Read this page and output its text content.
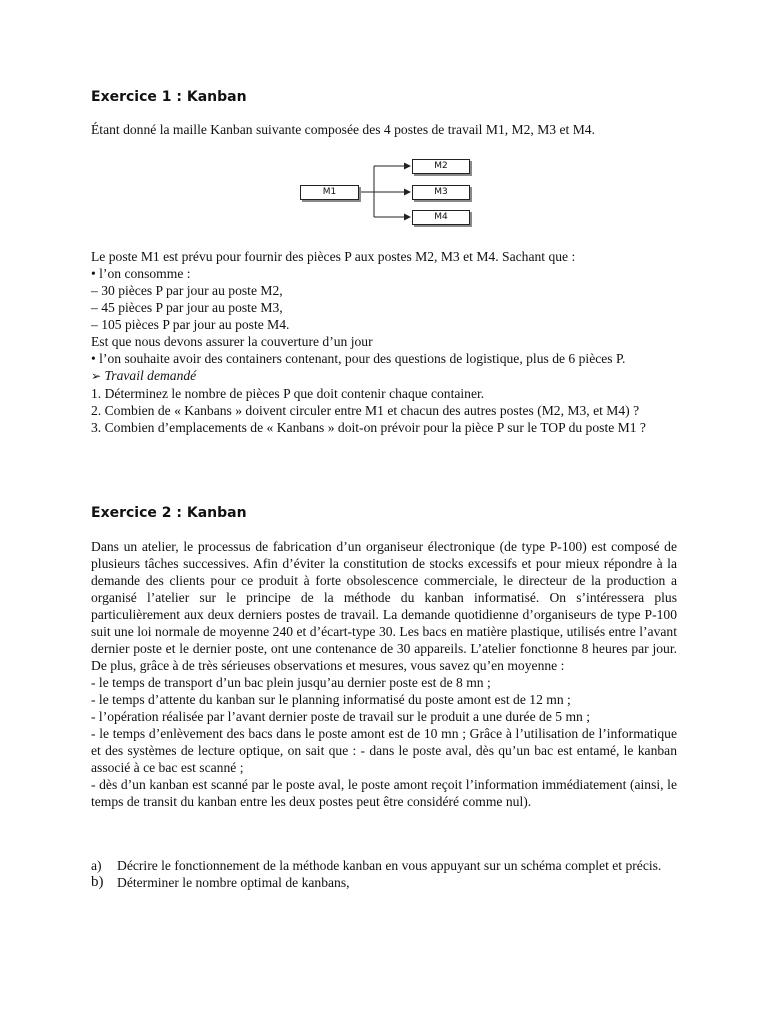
Exercice 1 : Kanban
Étant donné la maille Kanban suivante composée des 4 postes de travail M1, M2, M3 et M4.
M1
M2
M3
M4

Le poste M1 est prévu pour fournir des pièces P aux postes M2, M3 et M4. Sachant que :

• l’on consomme :

– 30 pièces P par jour au poste M2,

– 45 pièces P par jour au poste M3,

– 105 pièces P par jour au poste M4.

Est que nous devons assurer la couverture d’un jour

• l’on souhaite avoir des containers contenant, pour des questions de logistique, plus de 6 pièces P.

➢ Travail demandé

1. Déterminez le nombre de pièces P que doit contenir chaque container.

2. Combien de « Kanbans » doivent circuler entre M1 et chacun des autres postes (M2, M3, et M4) ?

3. Combien d’emplacements de « Kanbans » doit-on prévoir pour la pièce P sur le TOP du poste M1 ?

Exercice 2 : Kanban

Dans un atelier, le processus de fabrication d’un organiseur électronique (de type P-100) est composé de plusieurs tâches successives. Afin d’éviter la constitution de stocks excessifs et pour mieux répondre à la demande des clients pour ce produit à forte obsolescence commerciale, le directeur de la production a organisé l’atelier sur le principe de la méthode du kanban informatisé. On s’intéressera plus particulièrement aux deux derniers postes de travail. La demande quotidienne d’organiseurs de type P-100 suit une loi normale de moyenne 240 et d’écart-type 30. Les bacs en matière plastique, utilisés entre l’avant dernier poste et le dernier poste, ont une contenance de 30 appareils. L’atelier fonctionne 8 heures par jour. De plus, grâce à de très sérieuses observations et mesures, vous savez qu’en moyenne :

- le temps de transport d’un bac plein jusqu’au dernier poste est de 8 mn ;

- le temps d’attente du kanban sur le planning informatisé du poste amont est de 12 mn ;

- l’opération réalisée par l’avant dernier poste de travail sur le produit a une durée de 5 mn ;

- le temps d’enlèvement des bacs dans le poste amont est de 10 mn ; Grâce à l’utilisation de l’informatique et des systèmes de lecture optique, on sait que : - dans le poste aval, dès qu’un bac est entamé, le kanban associé à ce bac est scanné ;

- dès d’un kanban est scanné par le poste aval, le poste amont reçoit l’information immédiatement (ainsi, le temps de transit du kanban entre les deux postes peut être considéré comme nul).

a)	Décrire le fonctionnement de la méthode kanban en vous appuyant sur un schéma complet et précis.
b) Déterminer le nombre optimal de kanbans,
